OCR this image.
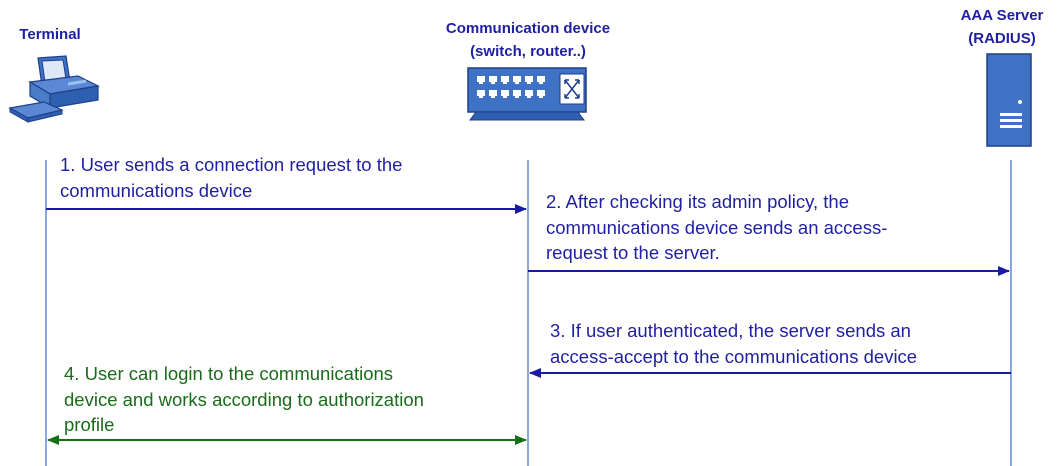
Terminal	Communication device
(switch, router..)
AAA Server
(RADIUS)
1. User sends a connection request to the
communications device
2. After checking its admin policy, the
communications device sends an access-
request to the server.
3. If user authenticated, the server sends an
access-accept to the communications device
4. User can login to the communications
device and works according to authorization
profile
